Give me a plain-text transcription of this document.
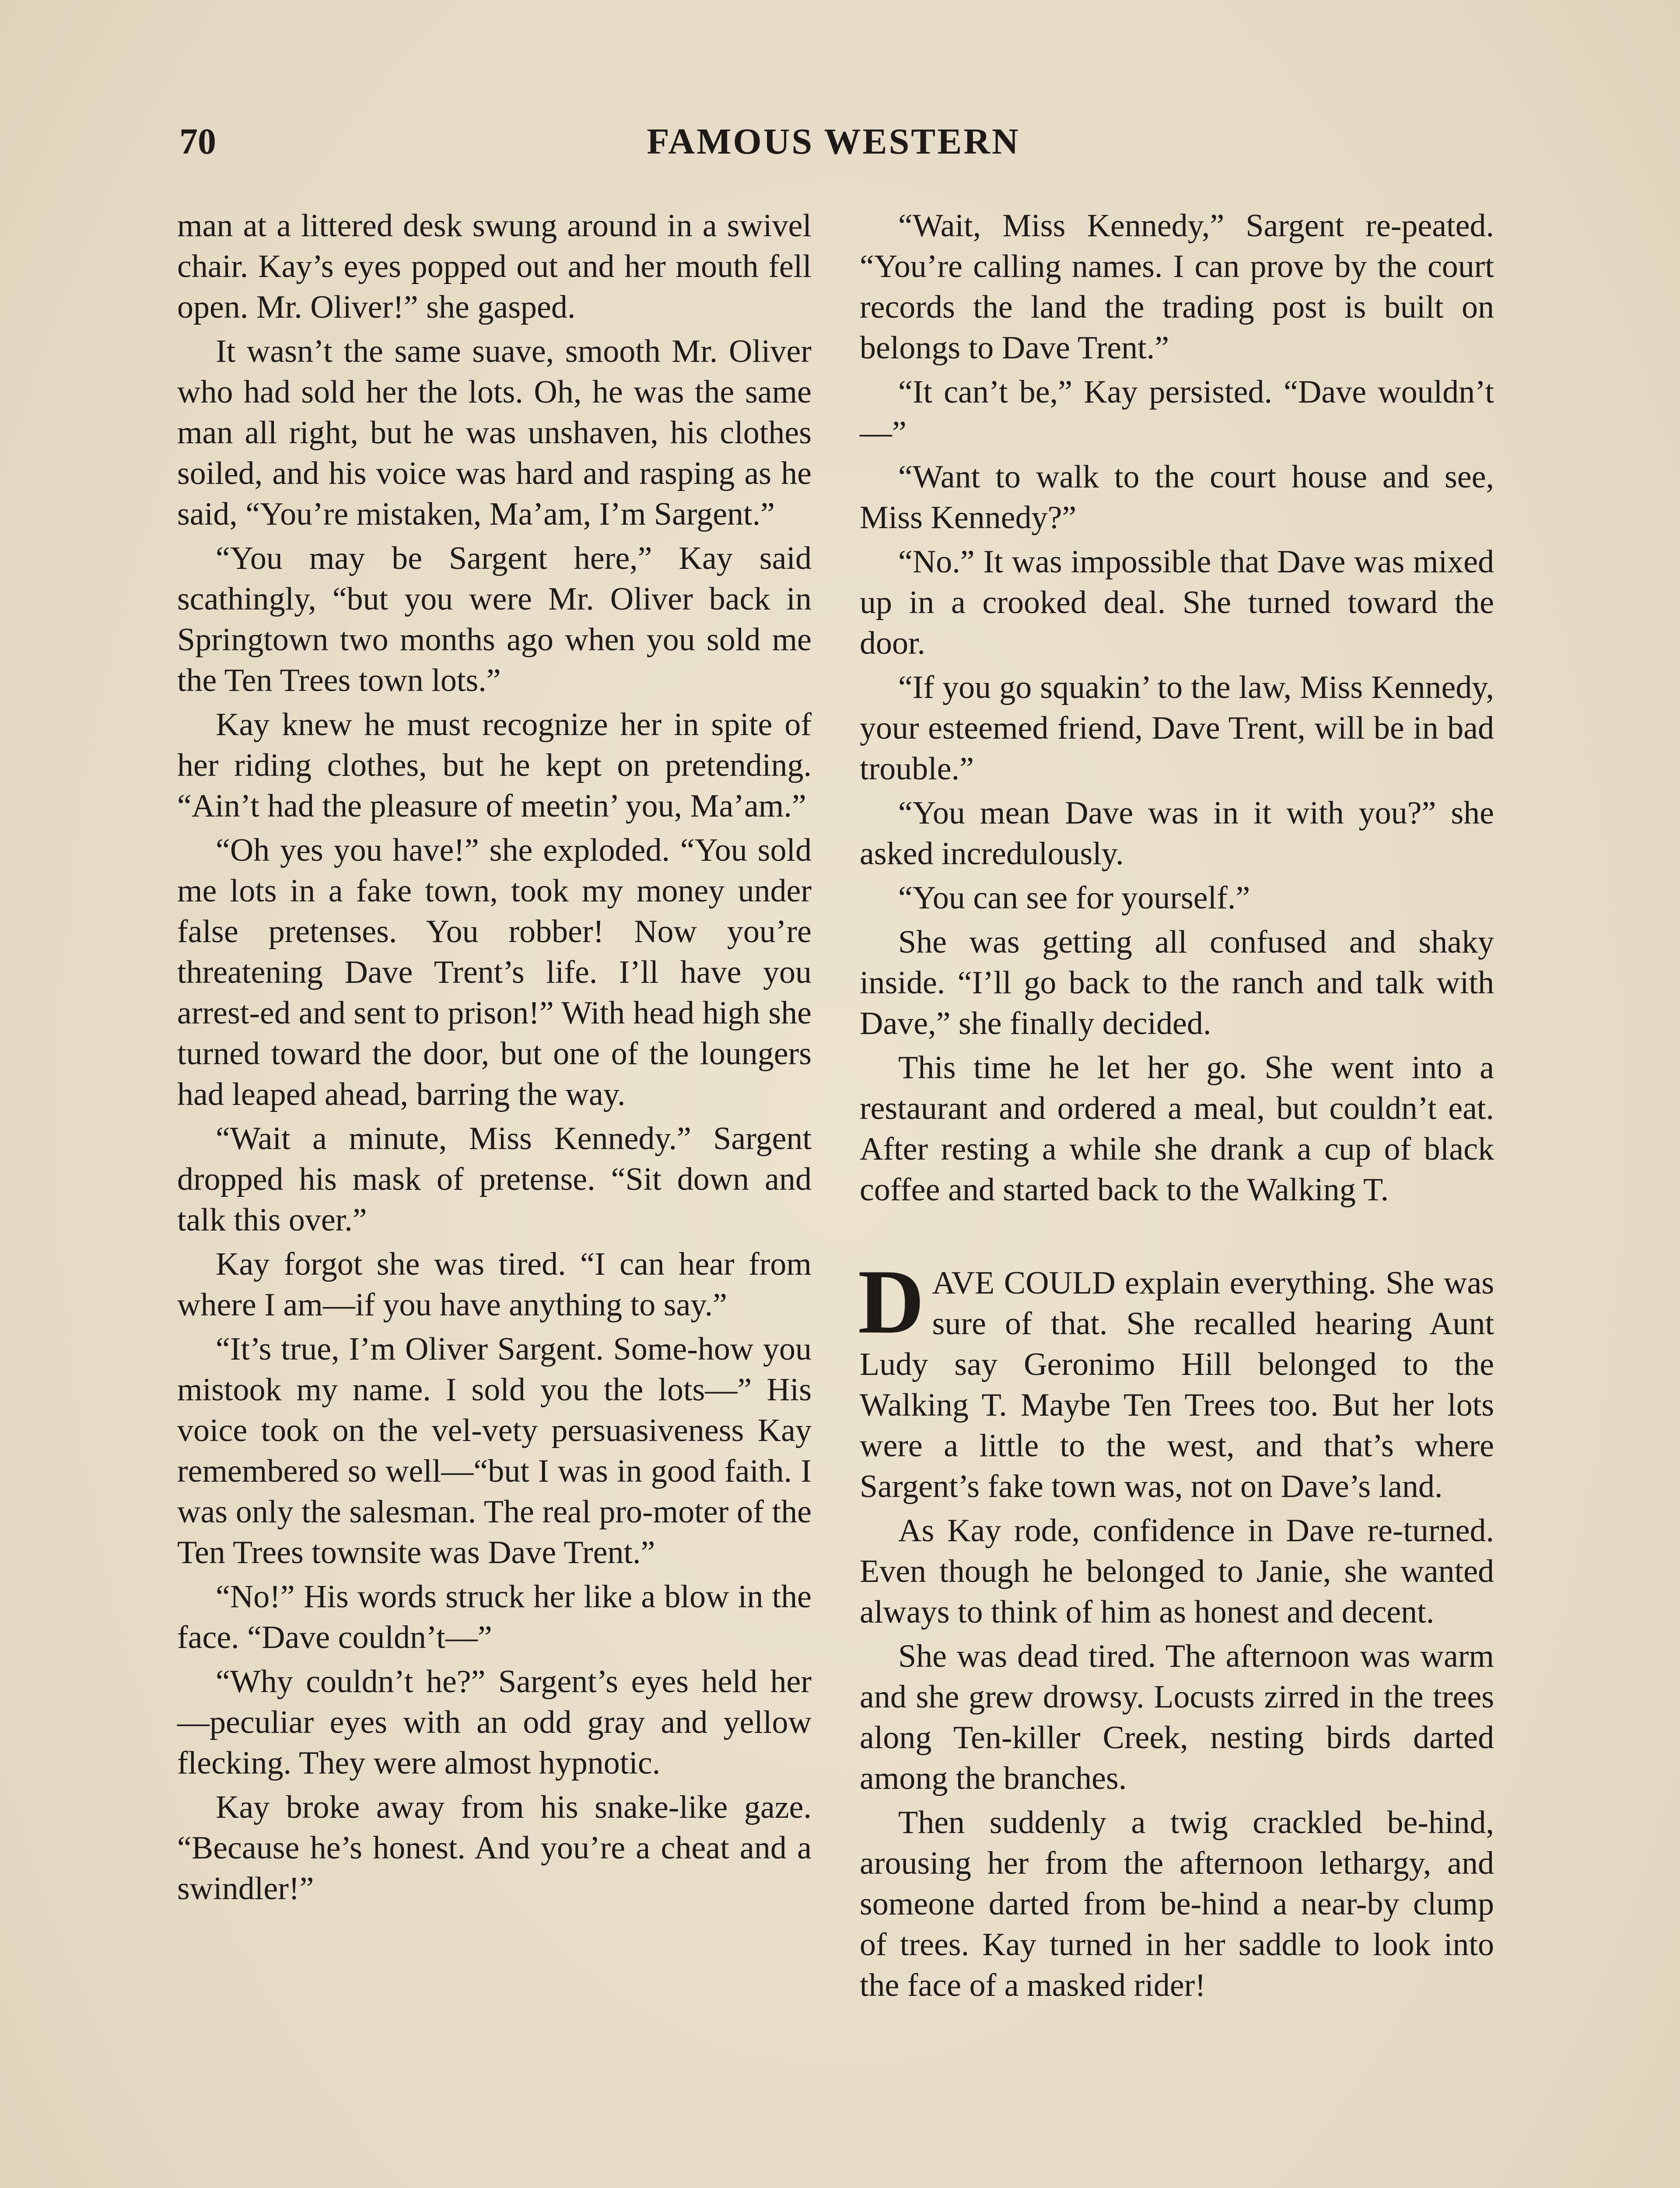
70	FAMOUS WESTERN

man at a littered desk swung around in a swivel chair. Kay’s eyes popped out and her mouth fell open. Mr. Oliver!” she gasped.

It wasn’t the same suave, smooth Mr. Oliver who had sold her the lots. Oh, he was the same man all right, but he was unshaven, his clothes soiled, and his voice was hard and rasping as he said, “You’re mistaken, Ma’am, I’m Sargent.”

“You may be Sargent here,” Kay said scathingly, “but you were Mr. Oliver back in Springtown two months ago when you sold me the Ten Trees town lots.”

Kay knew he must recognize her in spite of her riding clothes, but he kept on pretending. “Ain’t had the pleasure of meetin’ you, Ma’am.”

“Oh yes you have!” she exploded. “You sold me lots in a fake town, took my money under false pretenses. You robber! Now you’re threatening Dave Trent’s life. I’ll have you arrest-ed and sent to prison!” With head high she turned toward the door, but one of the loungers had leaped ahead, barring the way.

“Wait a minute, Miss Kennedy.” Sargent dropped his mask of pretense. “Sit down and talk this over.”

Kay forgot she was tired. “I can hear from where I am—if you have anything to say.”

“It’s true, I’m Oliver Sargent. Some-how you mistook my name. I sold you the lots—” His voice took on the vel-vety persuasiveness Kay remembered so well—“but I was in good faith. I was only the salesman. The real pro-moter of the Ten Trees townsite was Dave Trent.”

“No!” His words struck her like a blow in the face. “Dave couldn’t—”

“Why couldn’t he?” Sargent’s eyes held her—peculiar eyes with an odd gray and yellow flecking. They were almost hypnotic.

Kay broke away from his snake-like gaze. “Because he’s honest. And you’re a cheat and a swindler!”

“Wait, Miss Kennedy,” Sargent re-peated. “You’re calling names. I can prove by the court records the land the trading post is built on belongs to Dave Trent.”

“It can’t be,” Kay persisted. “Dave wouldn’t—”

“Want to walk to the court house and see, Miss Kennedy?”

“No.” It was impossible that Dave was mixed up in a crooked deal. She turned toward the door.

“If you go squakin’ to the law, Miss Kennedy, your esteemed friend, Dave Trent, will be in bad trouble.”

“You mean Dave was in it with you?” she asked incredulously.

“You can see for yourself.”

She was getting all confused and shaky inside. “I’ll go back to the ranch and talk with Dave,” she finally decided.

This time he let her go. She went into a restaurant and ordered a meal, but couldn’t eat. After resting a while she drank a cup of black coffee and started back to the Walking T.

DAVE COULD explain everything. She was sure of that. She recalled hearing Aunt Ludy say Geronimo Hill belonged to the Walking T. Maybe Ten Trees too. But her lots were a little to the west, and that’s where Sargent’s fake town was, not on Dave’s land.

As Kay rode, confidence in Dave re-turned. Even though he belonged to Janie, she wanted always to think of him as honest and decent.

She was dead tired. The afternoon was warm and she grew drowsy. Locusts zirred in the trees along Ten-killer Creek, nesting birds darted among the branches.

Then suddenly a twig crackled be-hind, arousing her from the afternoon lethargy, and someone darted from be-hind a near-by clump of trees. Kay turned in her saddle to look into the face of a masked rider!
